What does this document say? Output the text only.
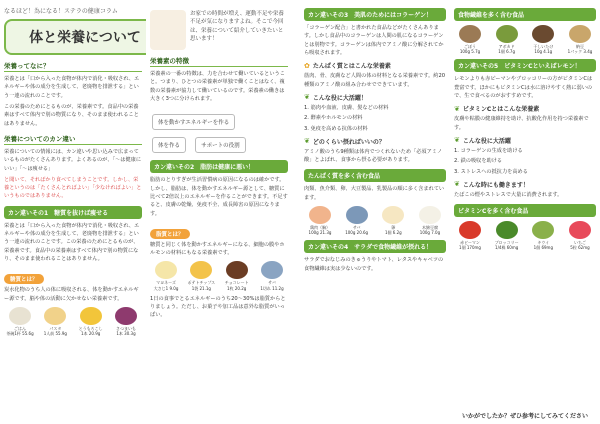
なるほど！為になる！ステラの健康コラム
体と栄養について
栄養ってなに？

栄養とは「口から入った食物が体内で消化・吸収され、エネルギーや体の成分を生成して、老廃物を排泄する」という一連の流れのことです。

この栄養のためにとるものが、栄養素です。食品中の栄養素はすべて体内で別の物質になり、そのまま使われることはありません。

栄養についてのカン違い

栄養についての情報には、カン違いや思い込みで広まっているものがたくさんあります。よくあるのが、「～は健康にいい」「～は痩せる」

と聞いて、そればかり食べてしまうことです。しかし、栄養というのは「たくさんとればよい」「少なければよい」というものではありません。

カン違いその1　糖質を抜けば痩せる

栄養とは「口から入った食物が体内で消化・吸収され、エネルギーや体の成分を生成して、老廃物を排泄する」という一連の流れのことです。この栄養のためにとるものが、栄養素です。食品中の栄養素はすべて体内で別の物質になり、そのまま使われることはありません。

糖質とは？

炭水化物のうち人の体に吸収される、体を動かすエネルギー源です。脳や体の活動に欠かせない栄養素です。

ごはん
茶碗1杯 55.6g
パスタ
1人前 55.9g
とうもろこし
1本 20.9g
さつまいも
1本 30.3g
お家での時間が増え、運動不足や栄養不足が気になりますよね。そこで今回は、栄養について紹介していきたいと思います！
栄養素の特徴

栄養素の一番の特徴は、力を合わせて働いているということ。つまり、ひとつの栄養素が単独で働くことはなく、複数の栄養素が協力して働いているのです。栄養素の働きは大きく3つに分けられます。

体を動かすエネルギーを作る
体を作る	サポートの役割
カン違いその2　脂肪は健康に悪い！

脂肪のとりすぎが生活習慣病の原因になるのは確かです。しかし、脂肪は、体を動かすエネルギー源として、糖質に比べて2倍以上のエネルギーを作ることができます。不足すると、皮膚の乾燥、免疫不全、成長障害の原因になります。

脂質とは？

糖質と同じく体を動かすエネルギーになる、細胞の膜やホルモンの材料にもなる栄養素です。

マヨネーズ
大さじ1 9.0g
ポテトチップス
1袋 21.1g
チョコレート
1枚 20.2g
サバ
1切れ 11.2g

1日の食事でとるエネルギーのうち20～30%は脂質からとりましょう。ただし、お菓子や加工品は意外な脂質がいっぱい。

カン違いその3　美肌のためにはコラーゲン！

「コラーゲン配合」と書かれた食品などがたくさんあります。しかし食品中のコラーゲンは人間の肌になるコラーゲンとは別物です。コラーゲンは体内でアミノ酸に分解されてから吸収されます。

✿ たんぱく質とはこんな栄養素

筋肉、骨、皮膚など人間の体の材料となる栄養素です。約20種類のアミノ酸の組み合わせでできています。

❦ こんな役に大活躍！
1. 筋肉や血液、皮膚、髪などの材料
2. 酵素やホルモンの材料
3. 免疫を高める抗体の材料
❦ どのくらい摂ればいいの？

アミノ酸のうち9種類は体内でつくれないため「必須アミノ酸」とよばれ、食事から摂る必要があります。

たんぱく質を多く含む食品

肉類、魚介類、卵、大豆製品、乳製品の順に多く含まれています。

鶏肉（胸）
100g 21.3g
サバ
100g 20.6g
卵
1個 6.2g
木綿豆腐
100g 7.0g
カン違いその4　サラダで食物繊維が摂れる！

サラダでおなじみのきゅうりやトマト、レタスやキャベツの食物繊維は実は少ないのです。

食物繊維を多く含む食品
ごぼう
100g 5.7g
アボカド
1個 6.7g
干しいたけ
10g 4.1g
納豆
1パック 3.4g
カン違いその5　ビタミンCといえばレモン！

レモンよりも赤ピーマンやブロッコリーの方がビタミンCは豊富です。ほかにもビタミンCは水に溶けやすく熱に弱いので、生で食べるのがおすすめです。

❦ ビタミンCとはこんな栄養素

皮膚や粘膜の健康維持を助け、抗酸化作用を持つ栄養素です。

❦ こんな役に大活躍
1. コラーゲンの生成を助ける
2. 鉄の吸収を助ける
3. ストレスへの抵抗力を高める
❦ こんな時にも働きます！

たばこの煙やストレスで大量に消費されます。

ビタミンCを多く含む食品
赤ピーマン
1個 170mg
ブロッコリー
1/4株 60mg
キウイ
1個 69mg
いちご
5粒 62mg
いかがでしたか？ぜひ参考にしてみてください
